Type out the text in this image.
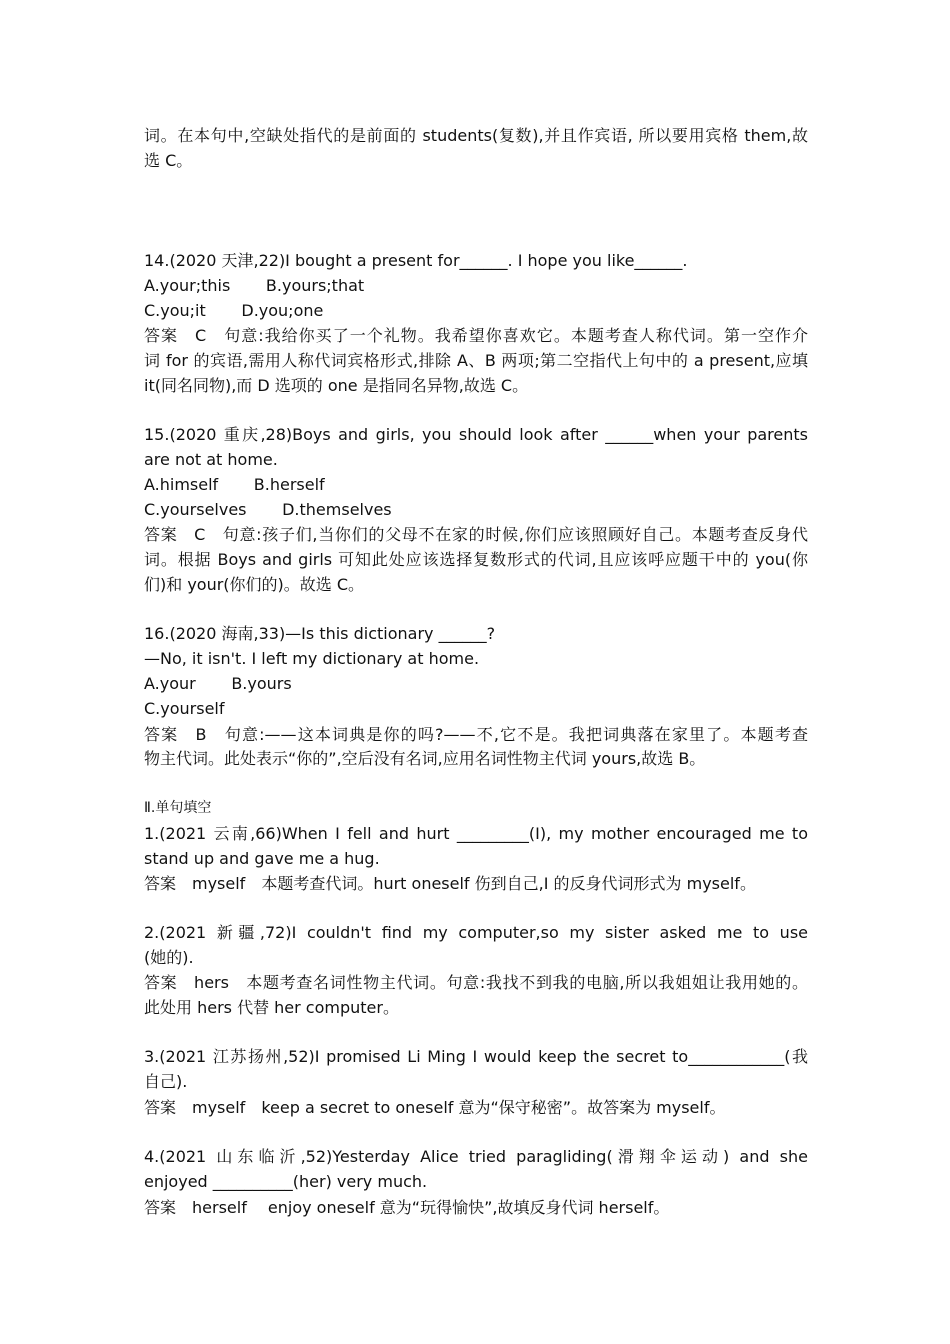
词。在本句中,空缺处指代的是前面的 students(复数),并且作宾语, 所以要用宾格 them,故
选 C。
14.(2020 天津,22)I bought a present for______. I hope you like______.
A.your;this       B.yours;that
C.you;it       D.you;one
答案　C　句意:我给你买了一个礼物。我希望你喜欢它。本题考查人称代词。第一空作介
词 for 的宾语,需用人称代词宾格形式,排除 A、B 两项;第二空指代上句中的 a present,应填
it(同名同物),而 D 选项的 one 是指同名异物,故选 C。
15.(2020 重庆,28)Boys and girls, you should look after ______when your parents
are not at home.
A.himself       B.herself
C.yourselves       D.themselves
答案　C　句意:孩子们,当你们的父母不在家的时候,你们应该照顾好自己。本题考查反身代
词。根据 Boys and girls 可知此处应该选择复数形式的代词,且应该呼应题干中的 you(你
们)和 your(你们的)。故选 C。
16.(2020 海南,33)—Is this dictionary ______?
—No, it isn't. I left my dictionary at home.
A.your       B.yours
C.yourself
答案　B　句意:——这本词典是你的吗?——不,它不是。我把词典落在家里了。本题考查
物主代词。此处表示“你的”,空后没有名词,应用名词性物主代词 yours,故选 B。
Ⅱ.单句填空
1.(2021 云南,66)When I fell and hurt _________(I), my mother encouraged me to
stand up and gave me a hug.
答案　myself　本题考查代词。hurt oneself 伤到自己,I 的反身代词形式为 myself。
2.(2021 新疆,72)I couldn't find my computer,so my sister asked me to use
(她的).
答案　hers　本题考查名词性物主代词。句意:我找不到我的电脑,所以我姐姐让我用她的。
此处用 hers 代替 her computer。
3.(2021 江苏扬州,52)I promised Li Ming I would keep the secret to____________(我
自己).
答案　myself　keep a secret to oneself 意为“保守秘密”。故答案为 myself。
4.(2021 山东临沂,52)Yesterday Alice tried paragliding(滑翔伞运动) and she
enjoyed __________(her) very much.
答案　herself　 enjoy oneself 意为“玩得愉快”,故填反身代词 herself。
